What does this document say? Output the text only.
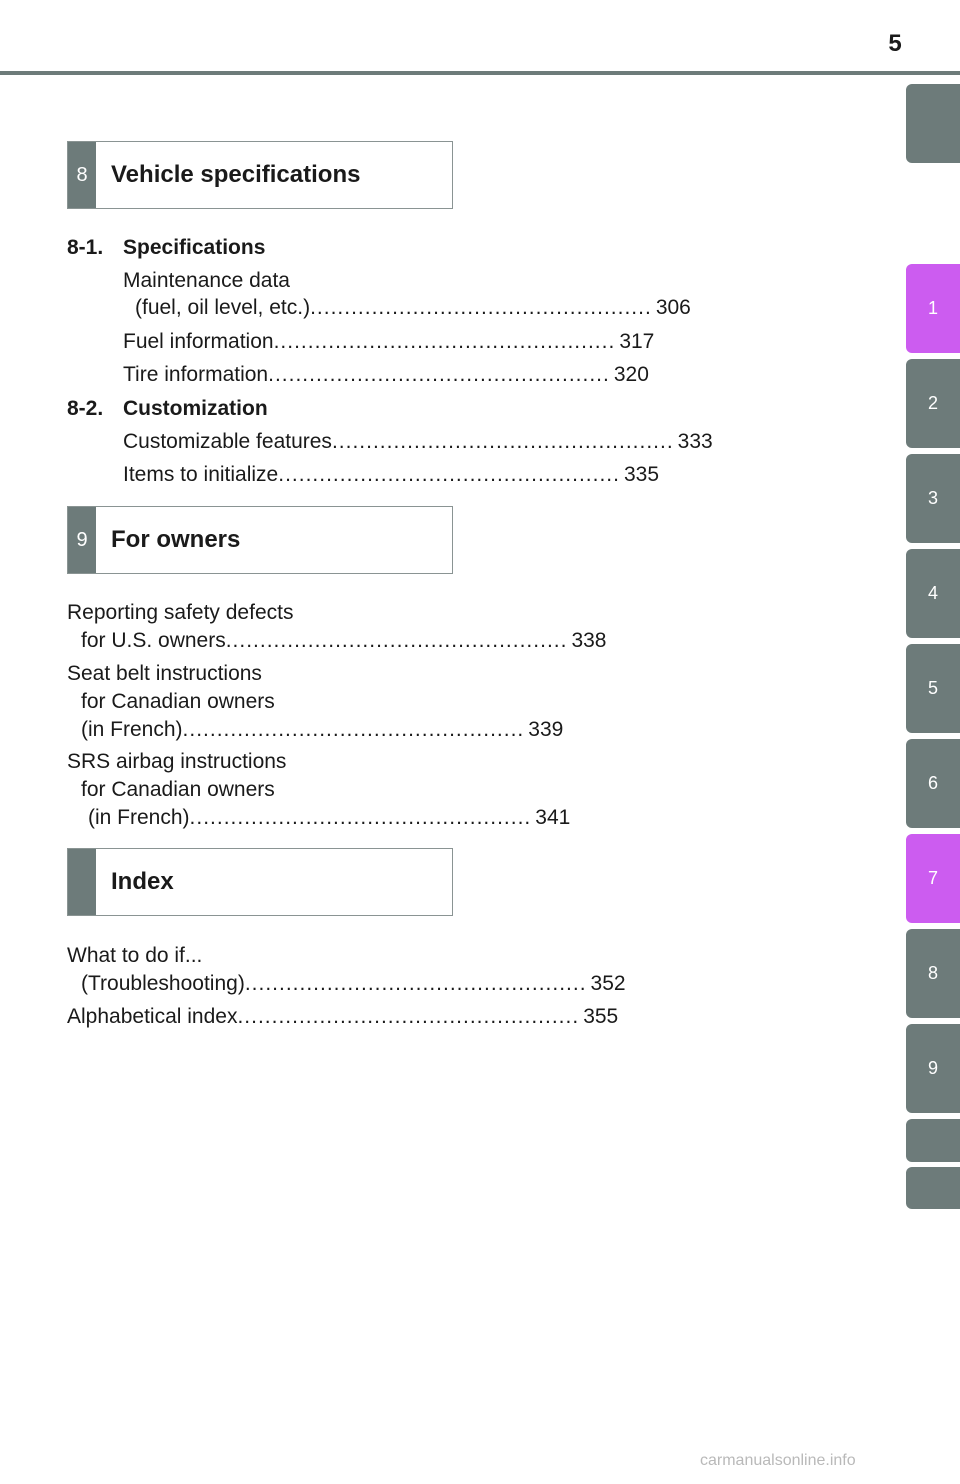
5
1
2
3
4
5
6
7
8
9
8 Vehicle specifications
8-1. Specifications
Maintenance data
(fuel, oil level, etc.) .................................................. 306
Fuel information .................................................. 317
Tire information .................................................. 320
8-2. Customization
Customizable features .................................................. 333
Items to initialize .................................................. 335
9 For owners
Reporting safety defects
for U.S. owners .................................................. 338
Seat belt instructions
for Canadian owners
(in French) .................................................. 339
SRS airbag instructions
for Canadian owners
(in French) .................................................. 341
Index
What to do if...
(Troubleshooting) .................................................. 352
Alphabetical index .................................................. 355
carmanualsonline.info
